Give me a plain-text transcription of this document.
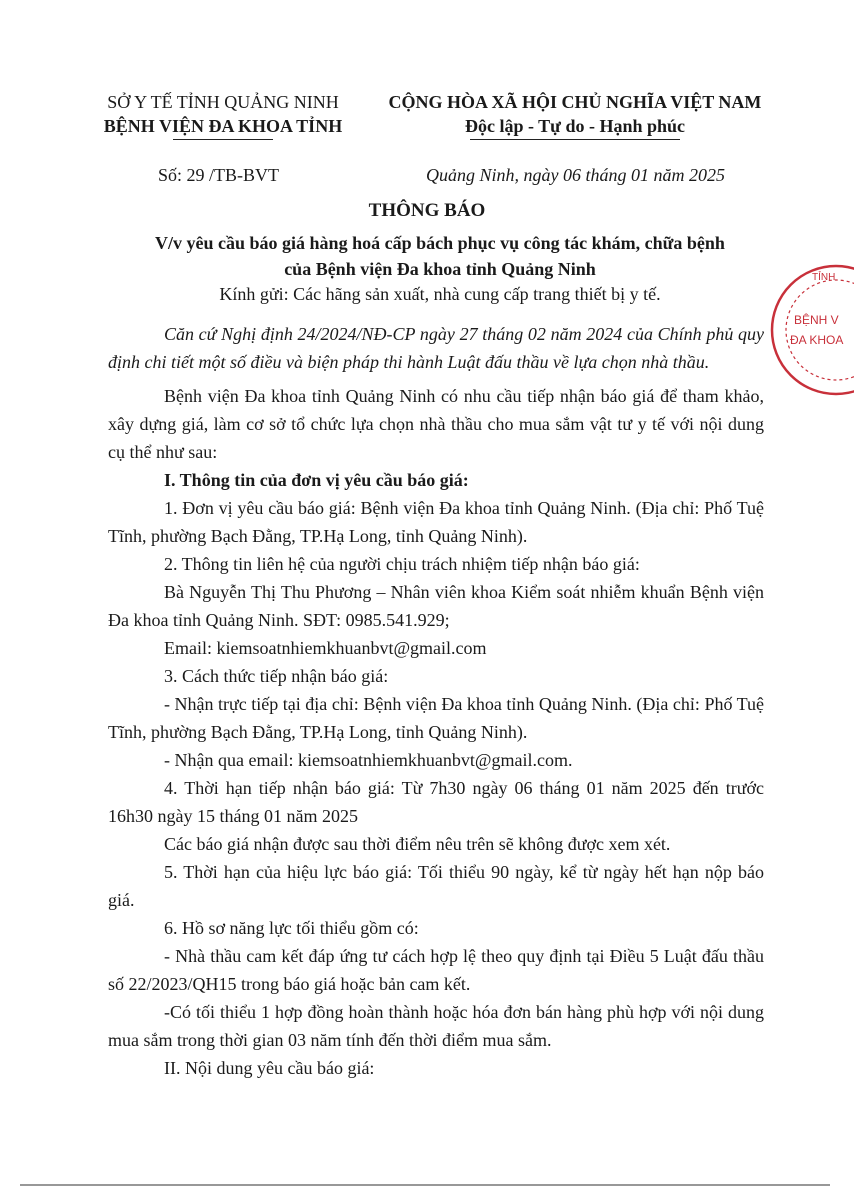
SỞ Y TẾ TỈNH QUẢNG NINH
BỆNH VIỆN ĐA KHOA TỈNH
CỘNG HÒA XÃ HỘI CHỦ NGHĨA VIỆT NAM
Độc lập - Tự do - Hạnh phúc
Số: 29 /TB-BVT	Quảng Ninh, ngày 06 tháng 01 năm 2025
THÔNG BÁO
V/v yêu cầu báo giá hàng hoá cấp bách phục vụ công tác khám, chữa bệnh
của Bệnh viện Đa khoa tỉnh Quảng Ninh
Kính gửi: Các hãng sản xuất, nhà cung cấp trang thiết bị y tế.

Căn cứ Nghị định 24/2024/NĐ-CP ngày 27 tháng 02 năm 2024 của Chính phủ quy định chi tiết một số điều và biện pháp thi hành Luật đấu thầu về lựa chọn nhà thầu.

Bệnh viện Đa khoa tỉnh Quảng Ninh có nhu cầu tiếp nhận báo giá để tham khảo, xây dựng giá, làm cơ sở tổ chức lựa chọn nhà thầu cho mua sắm vật tư y tế với nội dung cụ thể như sau:

I. Thông tin của đơn vị yêu cầu báo giá:

1. Đơn vị yêu cầu báo giá: Bệnh viện Đa khoa tỉnh Quảng Ninh. (Địa chỉ: Phố Tuệ Tĩnh, phường Bạch Đằng, TP.Hạ Long, tỉnh Quảng Ninh).

2. Thông tin liên hệ của người chịu trách nhiệm tiếp nhận báo giá:

Bà Nguyễn Thị Thu Phương – Nhân viên khoa Kiểm soát nhiễm khuẩn Bệnh viện Đa khoa tỉnh Quảng Ninh. SĐT: 0985.541.929;

Email: kiemsoatnhiemkhuanbvt@gmail.com

3. Cách thức tiếp nhận báo giá:

- Nhận trực tiếp tại địa chỉ: Bệnh viện Đa khoa tỉnh Quảng Ninh. (Địa chỉ: Phố Tuệ Tĩnh, phường Bạch Đằng, TP.Hạ Long, tỉnh Quảng Ninh).

- Nhận qua email: kiemsoatnhiemkhuanbvt@gmail.com.

4. Thời hạn tiếp nhận báo giá: Từ 7h30 ngày 06 tháng 01 năm 2025 đến trước 16h30 ngày 15 tháng 01 năm 2025

Các báo giá nhận được sau thời điểm nêu trên sẽ không được xem xét.

5. Thời hạn của hiệu lực báo giá: Tối thiểu 90 ngày, kể từ ngày hết hạn nộp báo giá.

6. Hồ sơ năng lực tối thiểu gồm có:

- Nhà thầu cam kết đáp ứng tư cách hợp lệ theo quy định tại Điều 5 Luật đấu thầu số 22/2023/QH15 trong báo giá hoặc bản cam kết.

-Có tối thiểu 1 hợp đồng hoàn thành hoặc hóa đơn bán hàng phù hợp với nội dung mua sắm trong thời gian 03 năm tính đến thời điểm mua sắm.

II. Nội dung yêu cầu báo giá:

TỈNH
BỆNH V
ĐA KHOA
